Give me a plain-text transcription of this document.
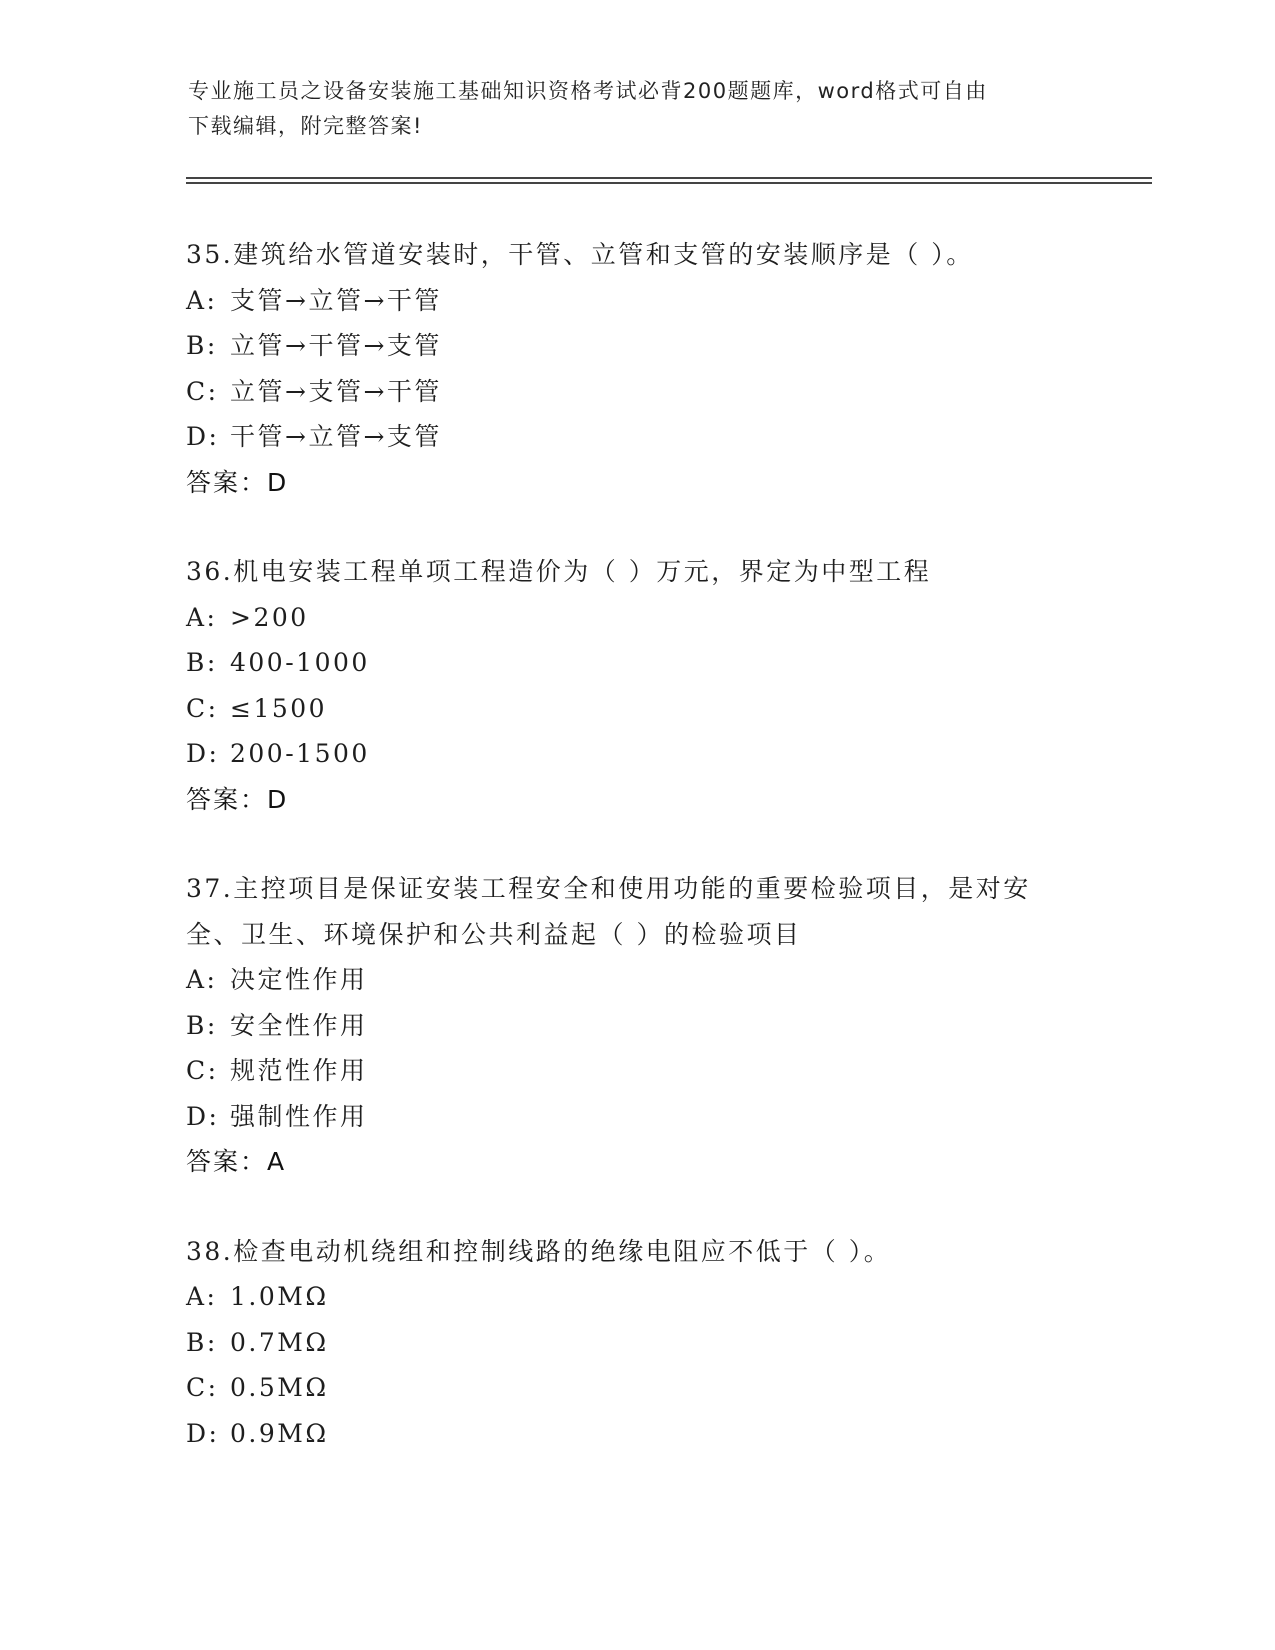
专业施工员之设备安装施工基础知识资格考试必背200题题库，word格式可自由

下载编辑，附完整答案!

35.建筑给水管道安装时，干管、立管和支管的安装顺序是（ ）。

A: 支管→立管→干管

B: 立管→干管→支管

C: 立管→支管→干管

D: 干管→立管→支管

答案：D

36.机电安装工程单项工程造价为（ ）万元，界定为中型工程

A: >200

B: 400-1000

C: ≤1500

D: 200-1500

答案：D

37.主控项目是保证安装工程安全和使用功能的重要检验项目，是对安

全、卫生、环境保护和公共利益起（ ）的检验项目

A: 决定性作用

B: 安全性作用

C: 规范性作用

D: 强制性作用

答案：A

38.检查电动机绕组和控制线路的绝缘电阻应不低于（ ）。

A: 1.0MΩ

B: 0.7MΩ

C: 0.5MΩ

D: 0.9MΩ
